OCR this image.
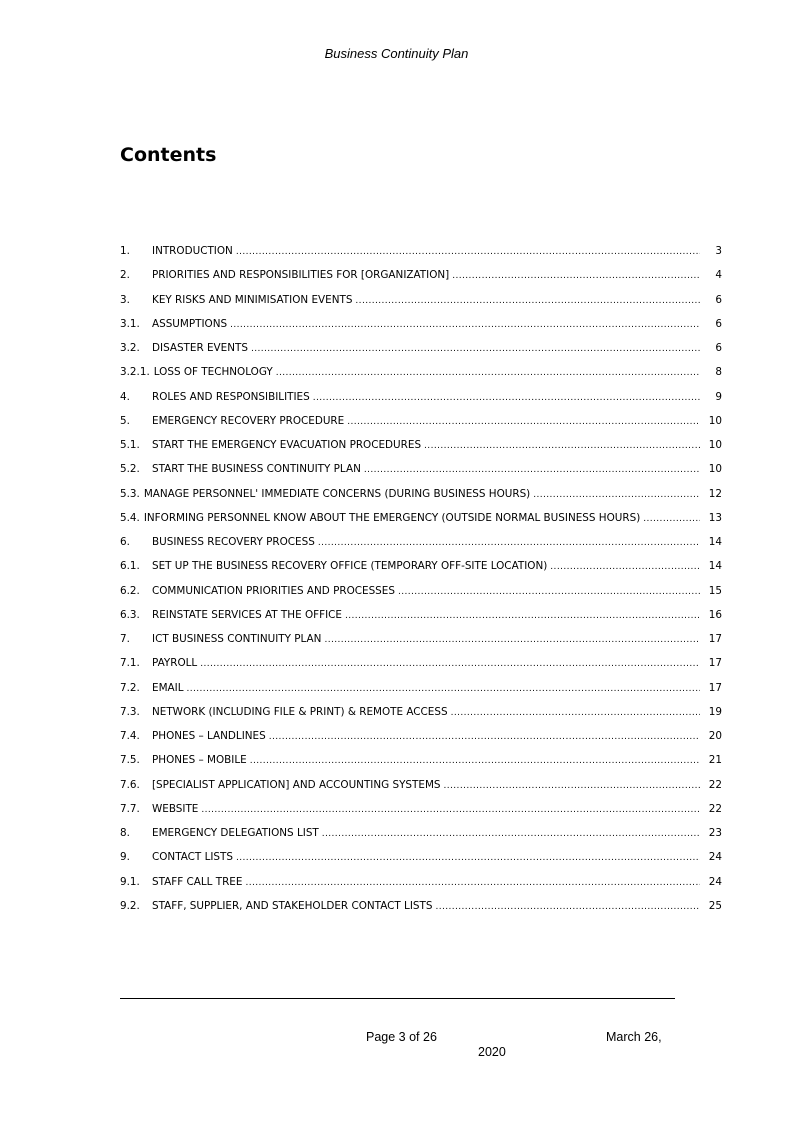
Business Continuity Plan
Contents
1.	INTRODUCTION .....	3
2.	PRIORITIES AND RESPONSIBILITIES FOR [ORGANIZATION] .....	4
3.	KEY RISKS AND MINIMISATION EVENTS .....	6
3.1.	ASSUMPTIONS .....	6
3.2.	DISASTER EVENTS .....	6
3.2.1. LOSS OF TECHNOLOGY .....	8
4.	ROLES AND RESPONSIBILITIES .....	9
5.	EMERGENCY RECOVERY PROCEDURE .....	10
5.1.	START THE EMERGENCY EVACUATION PROCEDURES .....	10
5.2.	START THE BUSINESS CONTINUITY PLAN .....	10
5.3. MANAGE PERSONNEL' IMMEDIATE CONCERNS (DURING BUSINESS HOURS) .....	12
5.4. INFORMING PERSONNEL KNOW ABOUT THE EMERGENCY (OUTSIDE NORMAL BUSINESS HOURS) .....	13
6.	BUSINESS RECOVERY PROCESS .....	14
6.1.	SET UP THE BUSINESS RECOVERY OFFICE (TEMPORARY OFF-SITE LOCATION) .....	14
6.2.	COMMUNICATION PRIORITIES AND PROCESSES .....	15
6.3.	REINSTATE SERVICES AT THE OFFICE .....	16
7.	ICT BUSINESS CONTINUITY PLAN .....	17
7.1.	PAYROLL .....	17
7.2.	EMAIL .....	17
7.3.	NETWORK (INCLUDING FILE & PRINT) & REMOTE ACCESS .....	19
7.4.	PHONES – LANDLINES .....	20
7.5.	PHONES – MOBILE .....	21
7.6.	[SPECIALIST APPLICATION] AND ACCOUNTING SYSTEMS .....	22
7.7.	WEBSITE .....	22
8.	EMERGENCY DELEGATIONS LIST .....	23
9.	CONTACT LISTS .....	24
9.1.	STAFF CALL TREE .....	24
9.2.	STAFF, SUPPLIER, AND STAKEHOLDER CONTACT LISTS .....	25
Page 3 of 26	March 26,
2020
